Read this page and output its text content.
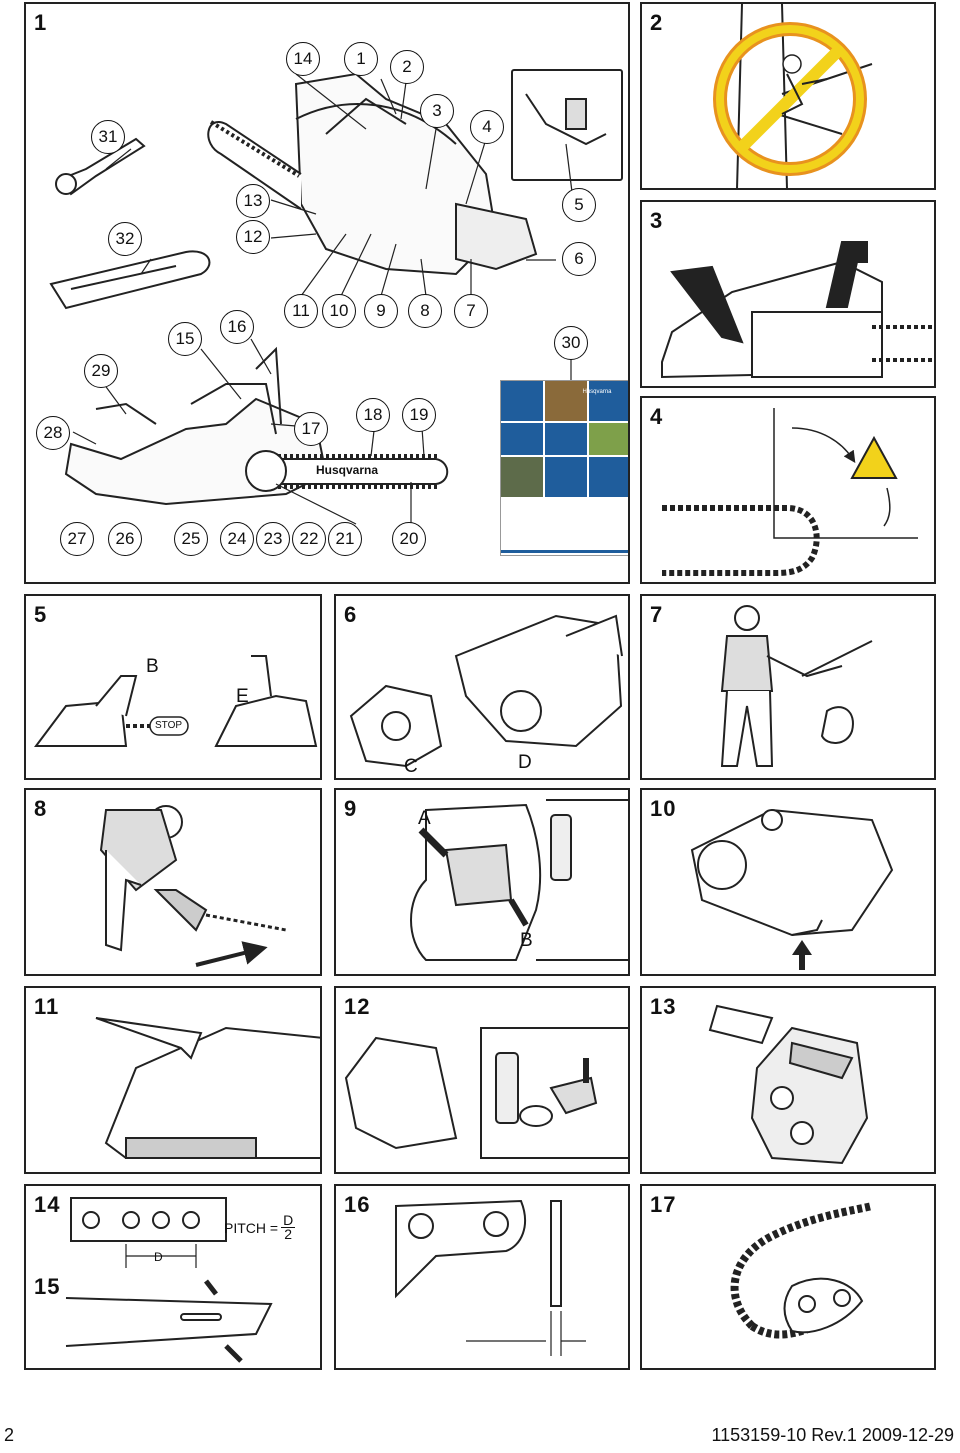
1
Husqvarna
Husqvarna
14	1	2
3
4
31
5
13
12
32
6
11	10	9	8	7
16
15	30
29
18	19
17
28
27	26	25	24	23	22	21	20
2
3
4
5
STOP
B
E
6
C	D
7
8	9	A
B
10
11	12	13
14
15
PITCH = $\frac{D}{2}$
D
16	17
2	1153159-10 Rev.1 2009-12-29
